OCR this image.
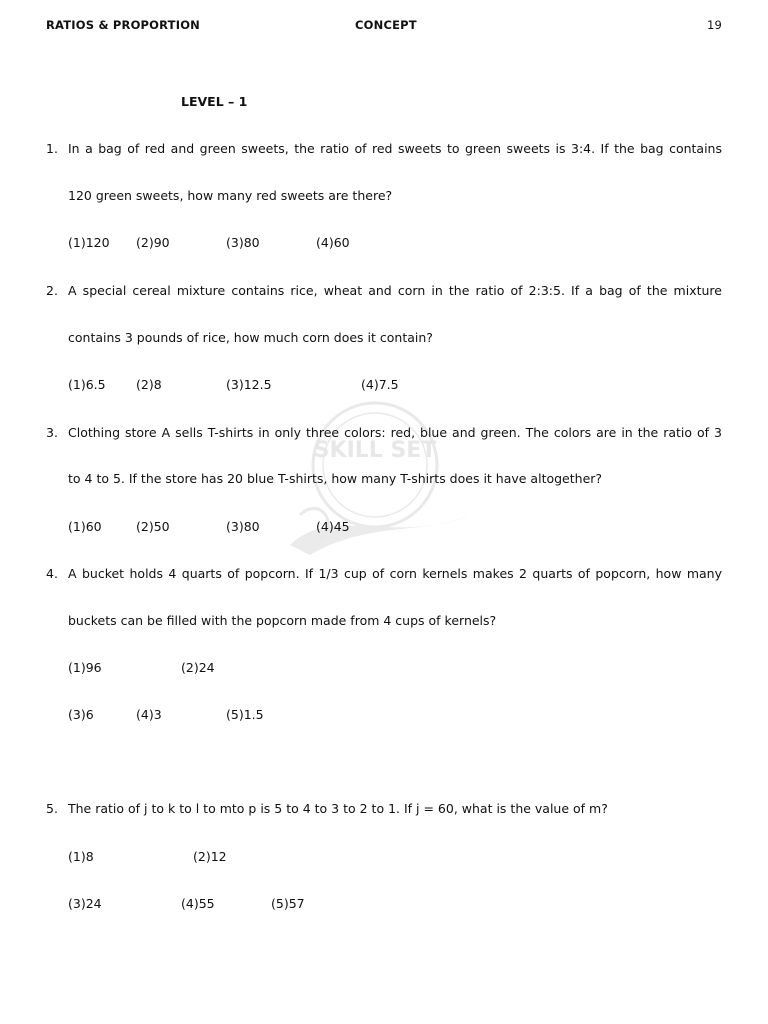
RATIOS & PROPORTION	CONCEPT	19
LEVEL – 1
SKILL SET
1. In a bag of red and green sweets, the ratio of red sweets to green sweets is 3:4. If the bag contains
120 green sweets, how many red sweets are there?
(1)120 (2)90	(3)80	(4)60
2. A special cereal mixture contains rice, wheat and corn in the ratio of 2:3:5. If a bag of the mixture
contains 3 pounds of rice, how much corn does it contain?
(1)6.5 (2)8	(3)12.5	(4)7.5
3. Clothing store A sells T-shirts in only three colors: red, blue and green. The colors are in the ratio of 3
to 4 to 5. If the store has 20 blue T-shirts, how many T-shirts does it have altogether?
(1)60	(2)50	(3)80	(4)45
4. A bucket holds 4 quarts of popcorn. If 1/3 cup of corn kernels makes 2 quarts of popcorn, how many
buckets can be filled with the popcorn made from 4 cups of kernels?
(1)96	(2)24
(3)6	(4)3	(5)1.5
5. The ratio of j to k to l to mto p is 5 to 4 to 3 to 2 to 1. If j = 60, what is the value of m?
(1)8	(2)12
(3)24	(4)55	(5)57
